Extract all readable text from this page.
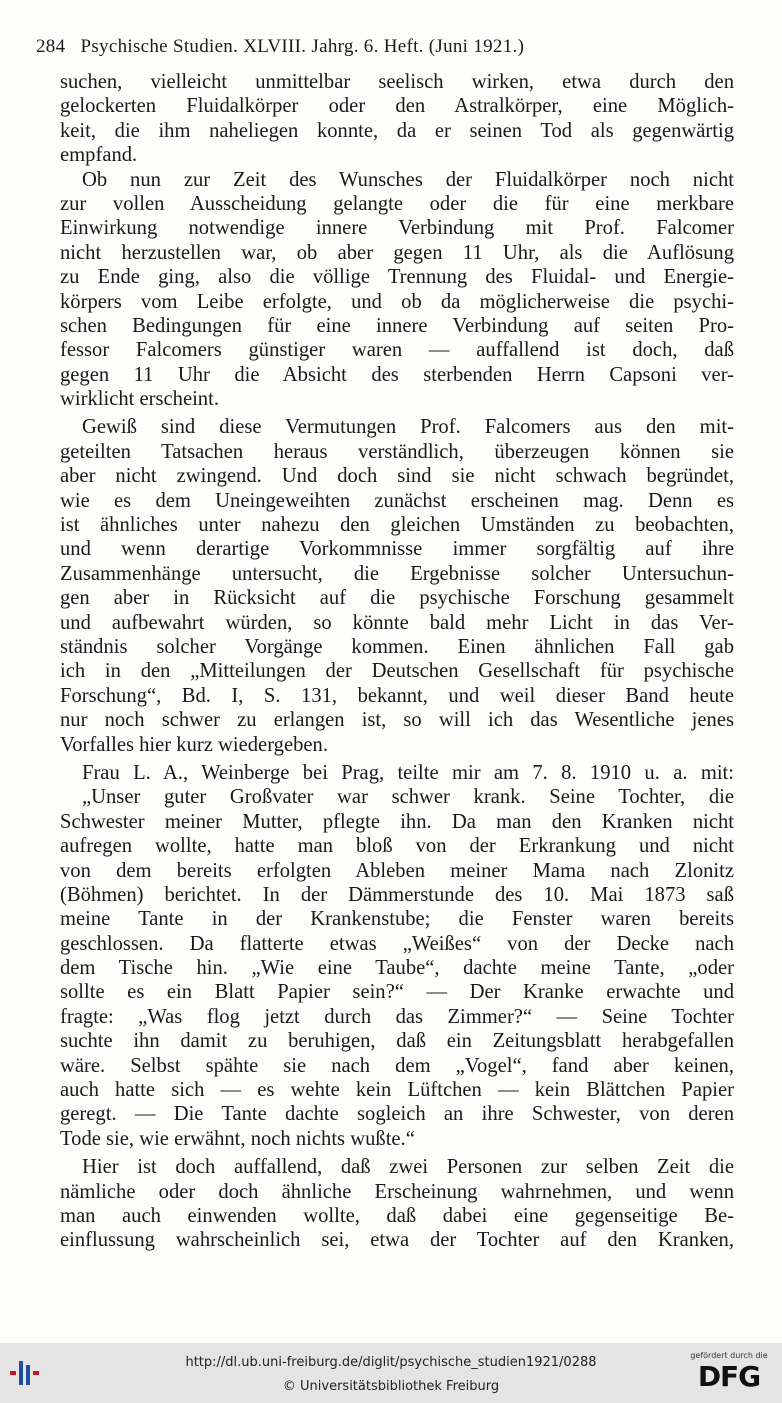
284 Psychische Studien. XLVIII. Jahrg. 6. Heft. (Juni 1921.)
suchen, vielleicht unmittelbar seelisch wirken, etwa durch den
gelockerten Fluidalkörper oder den Astralkörper, eine Möglich-
keit, die ihm naheliegen konnte, da er seinen Tod als gegenwärtig
empfand.
Ob nun zur Zeit des Wunsches der Fluidalkörper noch nicht
zur vollen Ausscheidung gelangte oder die für eine merkbare
Einwirkung notwendige innere Verbindung mit Prof. Falcomer
nicht herzustellen war, ob aber gegen 11 Uhr, als die Auflösung
zu Ende ging, also die völlige Trennung des Fluidal- und Energie-
körpers vom Leibe erfolgte, und ob da möglicherweise die psychi-
schen Bedingungen für eine innere Verbindung auf seiten Pro-
fessor Falcomers günstiger waren — auffallend ist doch, daß
gegen 11 Uhr die Absicht des sterbenden Herrn Capsoni ver-
wirklicht erscheint.
Gewiß sind diese Vermutungen Prof. Falcomers aus den mit-
geteilten Tatsachen heraus verständlich, überzeugen können sie
aber nicht zwingend. Und doch sind sie nicht schwach begründet,
wie es dem Uneingeweihten zunächst erscheinen mag. Denn es
ist ähnliches unter nahezu den gleichen Umständen zu beobachten,
und wenn derartige Vorkommnisse immer sorgfältig auf ihre
Zusammenhänge untersucht, die Ergebnisse solcher Untersuchun-
gen aber in Rücksicht auf die psychische Forschung gesammelt
und aufbewahrt würden, so könnte bald mehr Licht in das Ver-
ständnis solcher Vorgänge kommen. Einen ähnlichen Fall gab
ich in den „Mitteilungen der Deutschen Gesellschaft für psychische
Forschung“, Bd. I, S. 131, bekannt, und weil dieser Band heute
nur noch schwer zu erlangen ist, so will ich das Wesentliche jenes
Vorfalles hier kurz wiedergeben.
Frau L. A., Weinberge bei Prag, teilte mir am 7. 8. 1910 u. a. mit:
„Unser guter Großvater war schwer krank. Seine Tochter, die
Schwester meiner Mutter, pflegte ihn. Da man den Kranken nicht
aufregen wollte, hatte man bloß von der Erkrankung und nicht
von dem bereits erfolgten Ableben meiner Mama nach Zlonitz
(Böhmen) berichtet. In der Dämmerstunde des 10. Mai 1873 saß
meine Tante in der Krankenstube; die Fenster waren bereits
geschlossen. Da flatterte etwas „Weißes“ von der Decke nach
dem Tische hin. „Wie eine Taube“, dachte meine Tante, „oder
sollte es ein Blatt Papier sein?“ — Der Kranke erwachte und
fragte: „Was flog jetzt durch das Zimmer?“ — Seine Tochter
suchte ihn damit zu beruhigen, daß ein Zeitungsblatt herabgefallen
wäre. Selbst spähte sie nach dem „Vogel“, fand aber keinen,
auch hatte sich — es wehte kein Lüftchen — kein Blättchen Papier
geregt. — Die Tante dachte sogleich an ihre Schwester, von deren
Tode sie, wie erwähnt, noch nichts wußte.“
Hier ist doch auffallend, daß zwei Personen zur selben Zeit die
nämliche oder doch ähnliche Erscheinung wahrnehmen, und wenn
man auch einwenden wollte, daß dabei eine gegenseitige Be-
einflussung wahrscheinlich sei, etwa der Tochter auf den Kranken,
http://dl.ub.uni-freiburg.de/diglit/psychische_studien1921/0288
© Universitätsbibliothek Freiburg
gefördert durch die
DFG
